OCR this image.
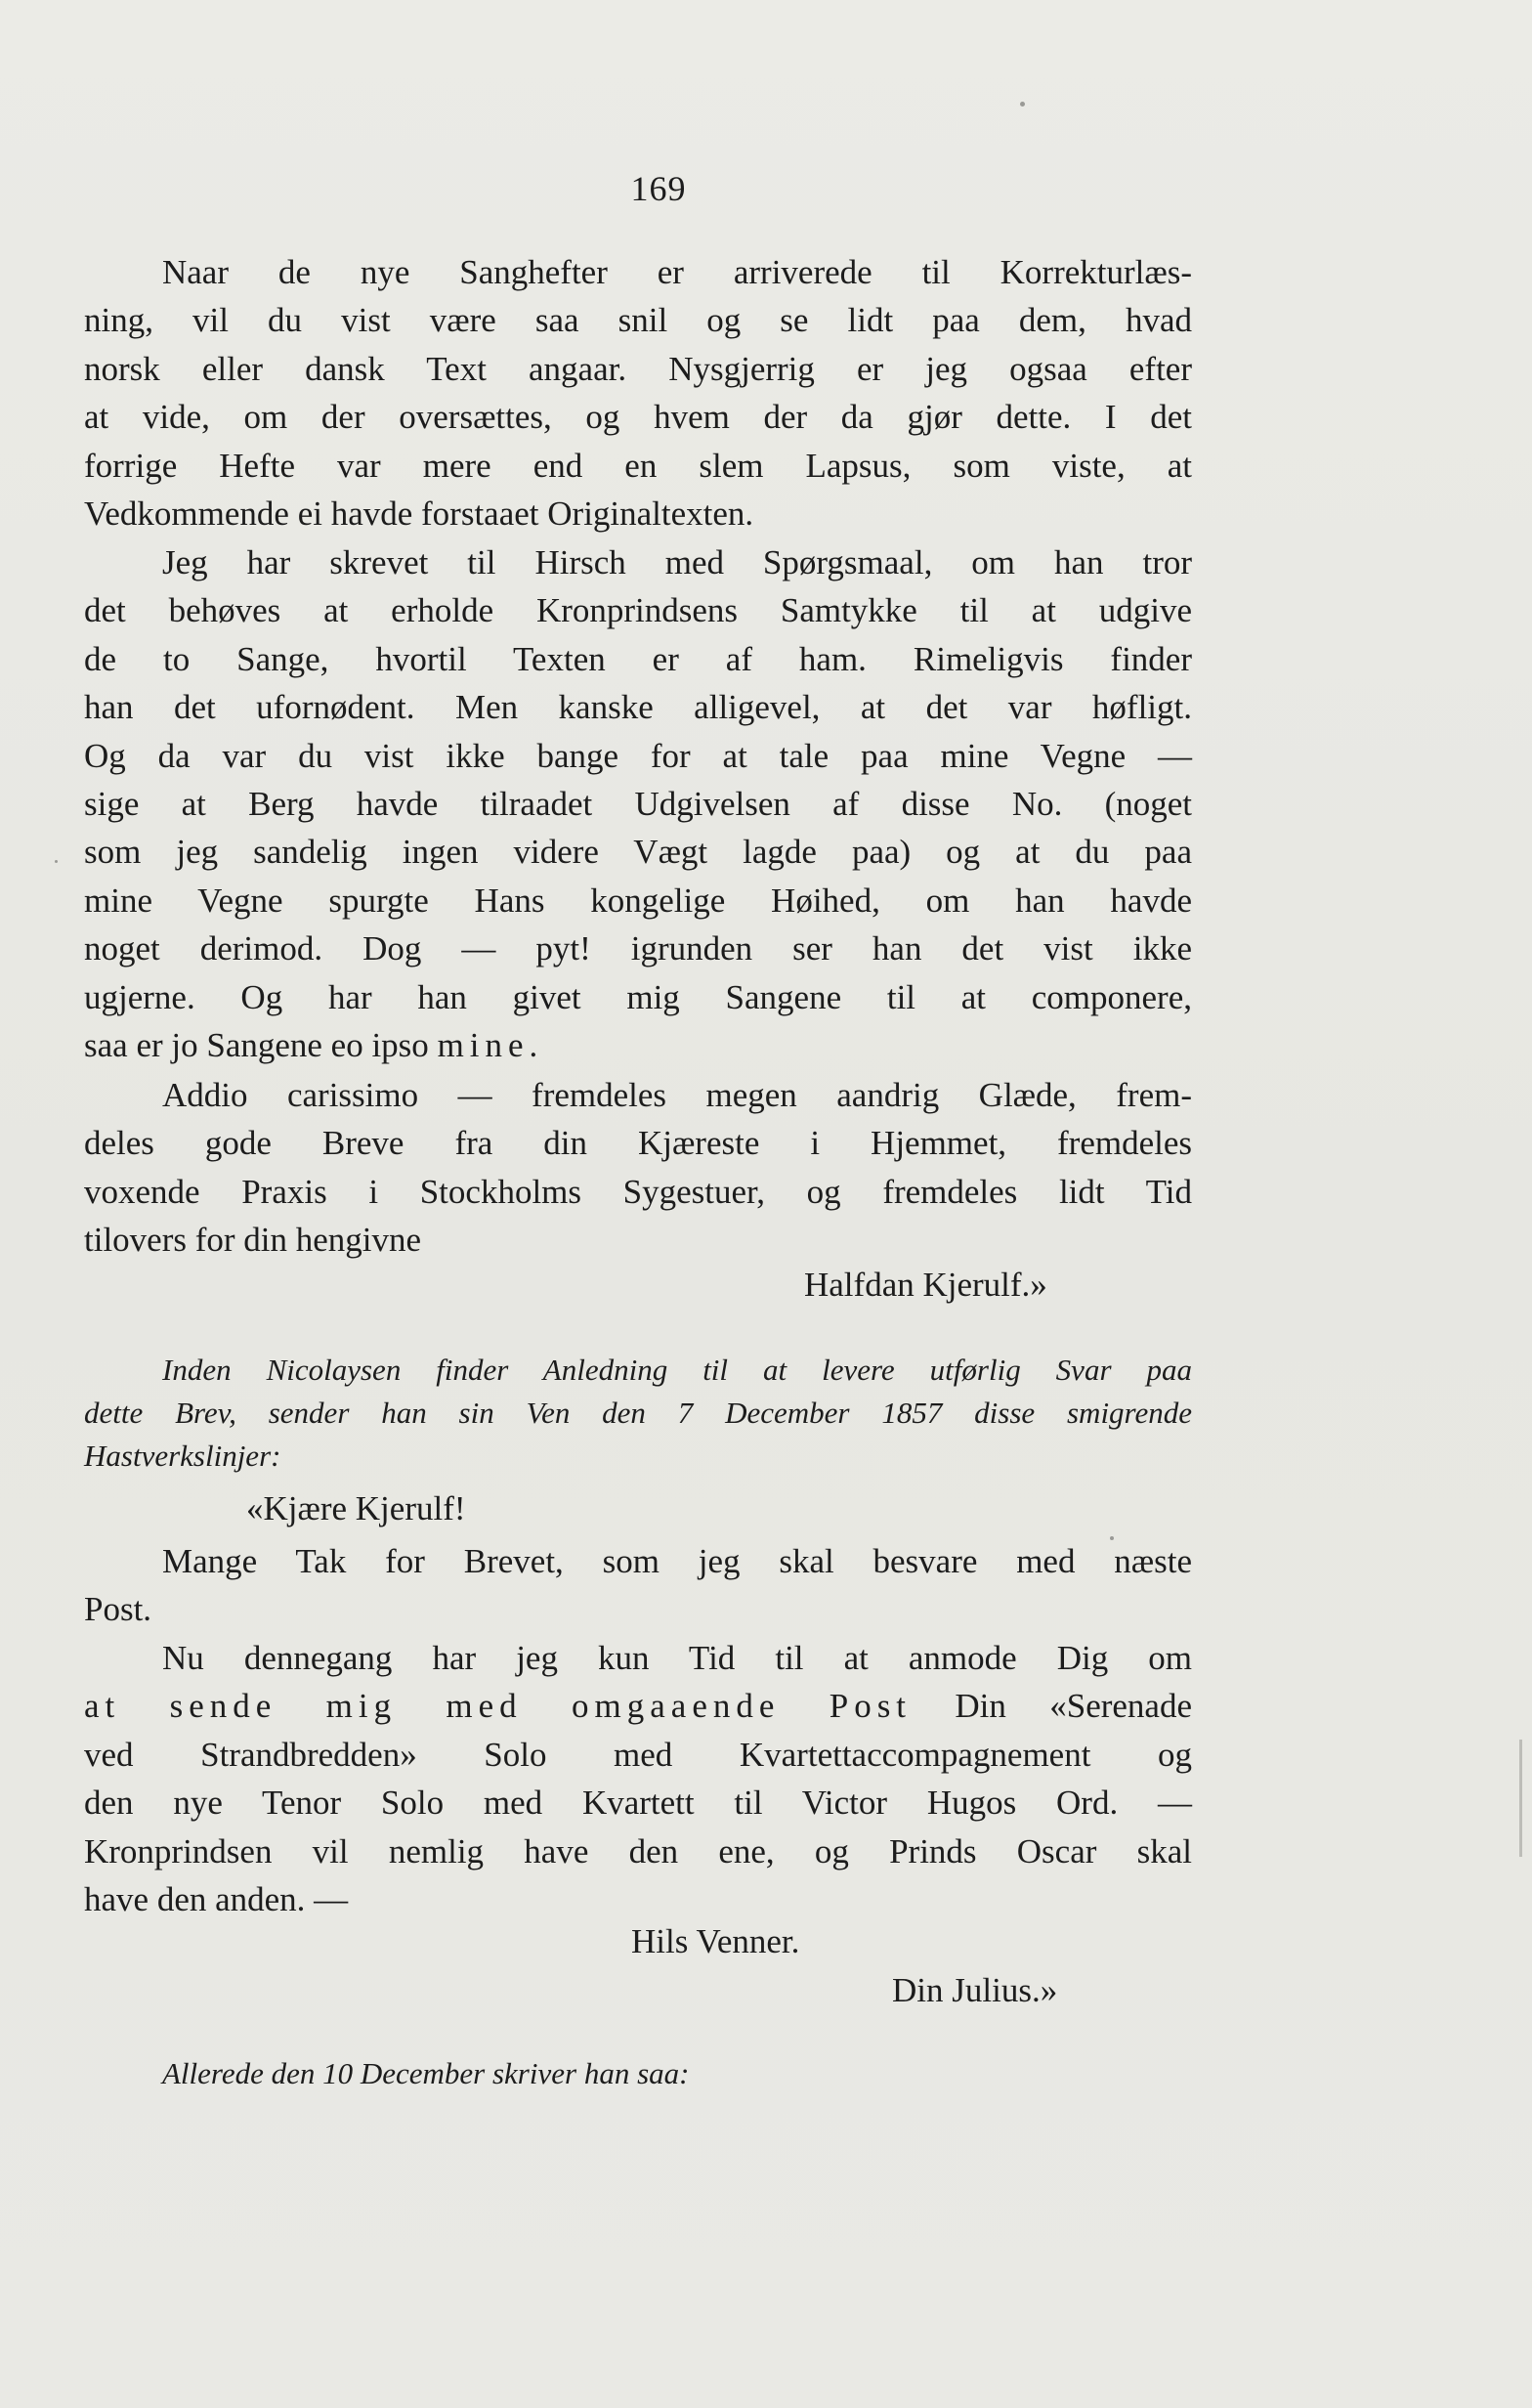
169
Naar de nye Sanghefter er arriverede til Korrekturlæs-
ning, vil du vist være saa snil og se lidt paa dem, hvad
norsk eller dansk Text angaar. Nysgjerrig er jeg ogsaa efter
at vide, om der oversættes, og hvem der da gjør dette. I det
forrige Hefte var mere end en slem Lapsus, som viste, at
Vedkommende ei havde forstaaet Originaltexten.
Jeg har skrevet til Hirsch med Spørgsmaal, om han tror
det behøves at erholde Kronprindsens Samtykke til at udgive
de to Sange, hvortil Texten er af ham. Rimeligvis finder
han det ufornødent. Men kanske alligevel, at det var høfligt.
Og da var du vist ikke bange for at tale paa mine Vegne —
sige at Berg havde tilraadet Udgivelsen af disse No. (noget
som jeg sandelig ingen videre Vægt lagde paa) og at du paa
mine Vegne spurgte Hans kongelige Høihed, om han havde
noget derimod. Dog — pyt! igrunden ser han det vist ikke
ugjerne. Og har han givet mig Sangene til at componere,
saa er jo Sangene eo ipso mine.
Addio carissimo — fremdeles megen aandrig Glæde, frem-
deles gode Breve fra din Kjæreste i Hjemmet, fremdeles
voxende Praxis i Stockholms Sygestuer, og fremdeles lidt Tid
tilovers for din hengivne
Halfdan Kjerulf.»
Inden Nicolaysen finder Anledning til at levere utførlig Svar paa
dette Brev, sender han sin Ven den 7 December 1857 disse smigrende
Hastverkslinjer:
«Kjære Kjerulf!
Mange Tak for Brevet, som jeg skal besvare med næste
Post.
Nu dennegang har jeg kun Tid til at anmode Dig om
at sende mig med omgaaende Post Din «Serenade
ved Strandbredden» Solo med Kvartettaccompagnement og
den nye Tenor Solo med Kvartett til Victor Hugos Ord. —
Kronprindsen vil nemlig have den ene, og Prinds Oscar skal
have den anden. —
Hils Venner.
Din Julius.»
Allerede den 10 December skriver han saa:
